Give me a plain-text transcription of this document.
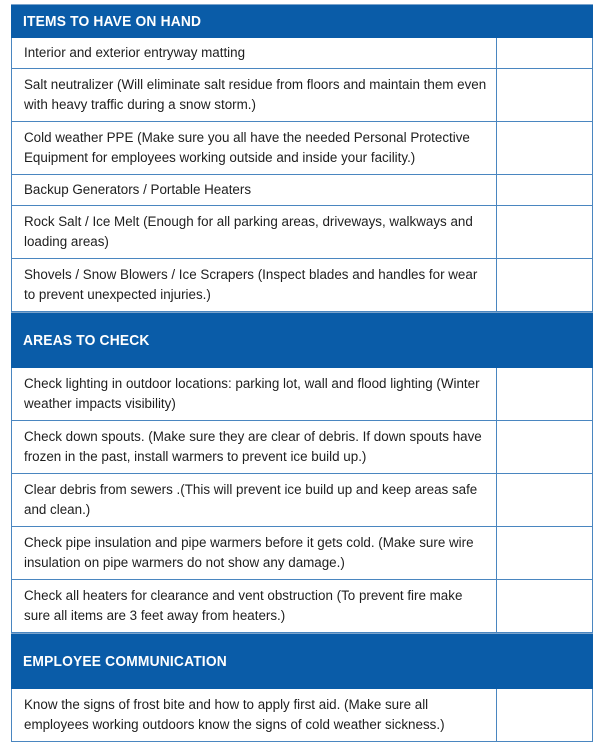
ITEMS TO HAVE ON HAND
Interior and exterior entryway matting
Salt neutralizer (Will eliminate salt residue from floors and maintain them even with heavy traffic during a snow storm.)
Cold weather PPE (Make sure you all have the needed Personal Protective Equipment for employees working outside and inside your facility.)
Backup Generators / Portable Heaters
Rock Salt / Ice Melt (Enough for all parking areas, driveways, walkways and loading areas)
Shovels / Snow Blowers / Ice Scrapers (Inspect blades and handles for wear to prevent unexpected injuries.)
AREAS TO CHECK
Check lighting in outdoor locations: parking lot, wall and flood lighting (Winter weather impacts visibility)
Check down spouts. (Make sure they are clear of debris. If down spouts have frozen in the past, install warmers to prevent ice build up.)
Clear debris from sewers .(This will prevent ice build up and keep areas safe and clean.)
Check pipe insulation and pipe warmers before it gets cold. (Make sure wire insulation on pipe warmers do not show any damage.)
Check all heaters for clearance and vent obstruction (To prevent fire make sure all items are 3 feet away from heaters.)
EMPLOYEE COMMUNICATION
Know the signs of frost bite and how to apply first aid. (Make sure all employees working outdoors know the signs of cold weather sickness.)
